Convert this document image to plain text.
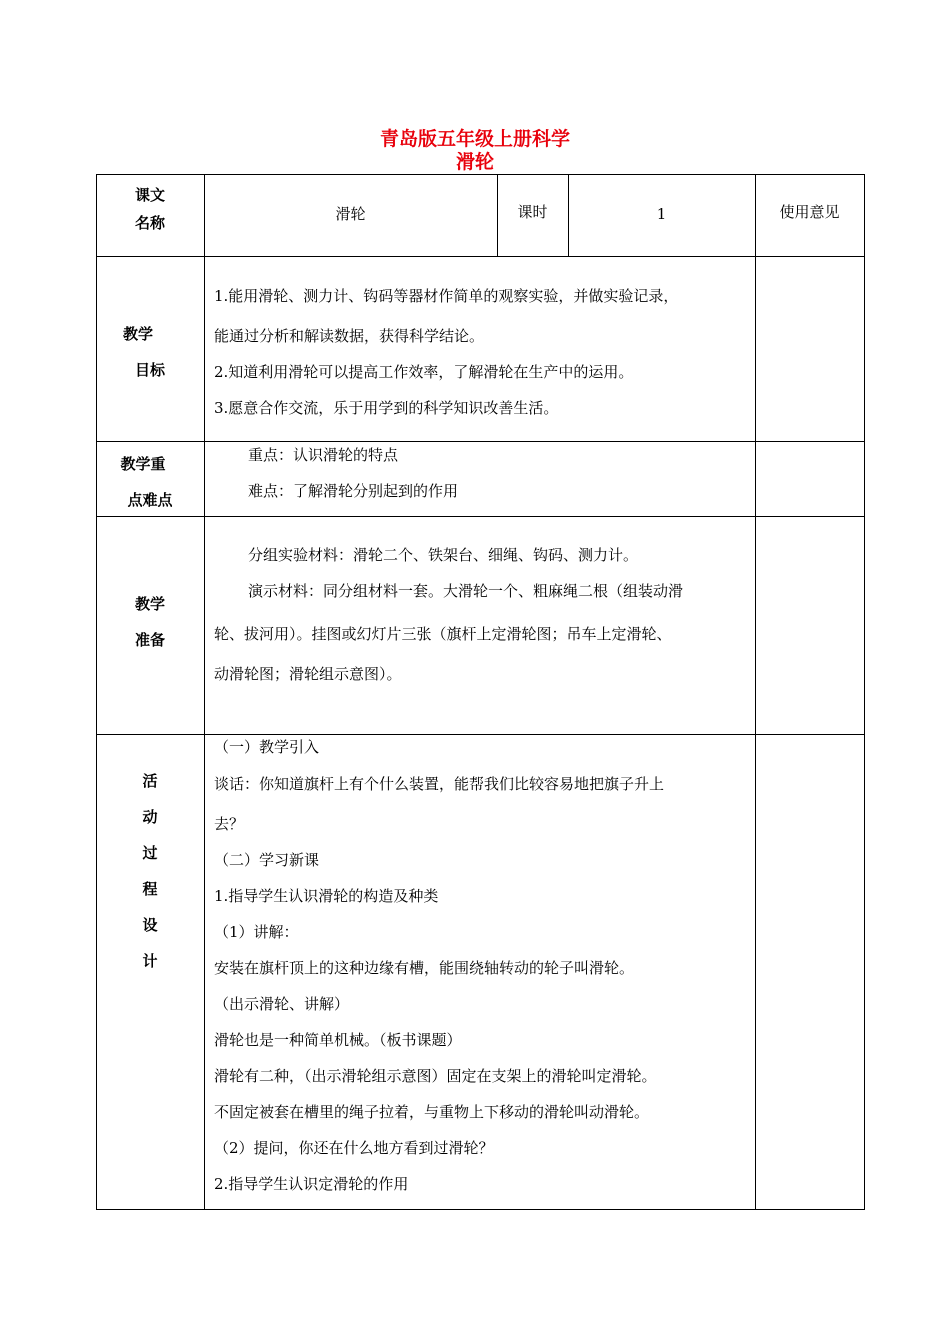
青岛版五年级上册科学
滑轮
课文
名称	滑轮	课时	1	使用意见
教学
目标
1.能用滑轮、测力计、钩码等器材作简单的观察实验，并做实验记录，
能通过分析和解读数据，获得科学结论。
2.知道利用滑轮可以提高工作效率，了解滑轮在生产中的运用。
3.愿意合作交流，乐于用学到的科学知识改善生活。
教学重
点难点
重点：认识滑轮的特点
难点：了解滑轮分别起到的作用
教学
准备
分组实验材料：滑轮二个、铁架台、细绳、钩码、测力计。
演示材料：同分组材料一套。大滑轮一个、粗麻绳二根（组装动滑
轮、拔河用）。挂图或幻灯片三张（旗杆上定滑轮图；吊车上定滑轮、
动滑轮图；滑轮组示意图）。
活
动
过
程
设
计
（一）教学引入
谈话：你知道旗杆上有个什么装置，能帮我们比较容易地把旗子升上
去？
（二）学习新课
1.指导学生认识滑轮的构造及种类
（1）讲解：
安装在旗杆顶上的这种边缘有槽，能围绕轴转动的轮子叫滑轮。
（出示滑轮、讲解）
滑轮也是一种简单机械。（板书课题）
滑轮有二种，（出示滑轮组示意图）固定在支架上的滑轮叫定滑轮。
不固定被套在槽里的绳子拉着，与重物上下移动的滑轮叫动滑轮。
（2）提问，你还在什么地方看到过滑轮？
2.指导学生认识定滑轮的作用
